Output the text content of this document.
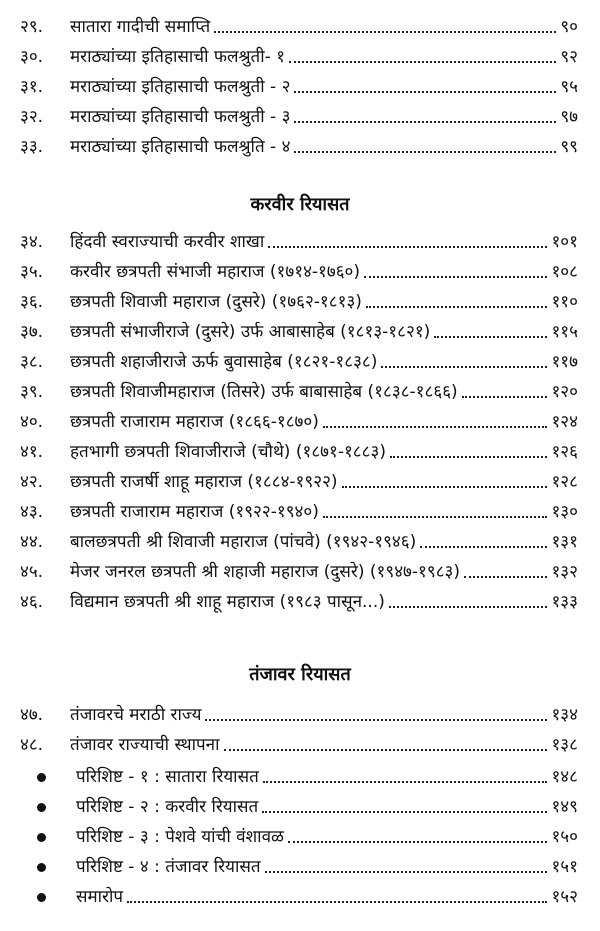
२९.	सातारा गादीची समाप्ति	९०
३०.	मराठ्यांच्या इतिहासाची फलश्रुती- १	९२
३१.	मराठ्यांच्या इतिहासाची फलश्रुती - २	९५
३२.	मराठ्यांच्या इतिहासाची फलश्रुती - ३	९७
३३.	मराठ्यांच्या इतिहासाची फलश्रुति - ४	९९
करवीर रियासत
३४.	हिंदवी स्वराज्याची करवीर शाखा	१०१
३५.	करवीर छत्रपती संभाजी महाराज (१७१४-१७६०)	१०८
३६.	छत्रपती शिवाजी महाराज (दुसरे) (१७६२-१८१३)	११०
३७.	छत्रपती संभाजीराजे (दुसरे) उर्फ आबासाहेब (१८१३-१८२१)	११५
३८.	छत्रपती शहाजीराजे ऊर्फ बुवासाहेब (१८२१-१८३८)	११७
३९.	छत्रपती शिवाजीमहाराज (तिसरे) उर्फ बाबासाहेब (१८३८-१८६६)	१२०
४०.	छत्रपती राजाराम महाराज (१८६६-१८७०)	१२४
४१.	हतभागी छत्रपती शिवाजीराजे (चौथे) (१८७१-१८८३)	१२६
४२.	छत्रपती राजर्षी शाहू महाराज (१८८४-१९२२)	१२८
४३.	छत्रपती राजाराम महाराज (१९२२-१९४०)	१३०
४४.	बालछत्रपती श्री शिवाजी महाराज (पांचवे) (१९४२-१९४६)	१३१
४५.	मेजर जनरल छत्रपती श्री शहाजी महाराज (दुसरे) (१९४७-१९८३)	१३२
४६.	विद्यमान छत्रपती श्री शाहू महाराज (१९८३ पासून...)	१३३
तंजावर रियासत
४७.	तंजावरचे मराठी राज्य	१३४
४८.	तंजावर राज्याची स्थापना	१३८
परिशिष्ट - १ : सातारा रियासत	१४८
परिशिष्ट - २ : करवीर रियासत	१४९
परिशिष्ट - ३ : पेशवे यांची वंशावळ	१५०
परिशिष्ट - ४ : तंजावर रियासत	१५१
समारोप	१५२
